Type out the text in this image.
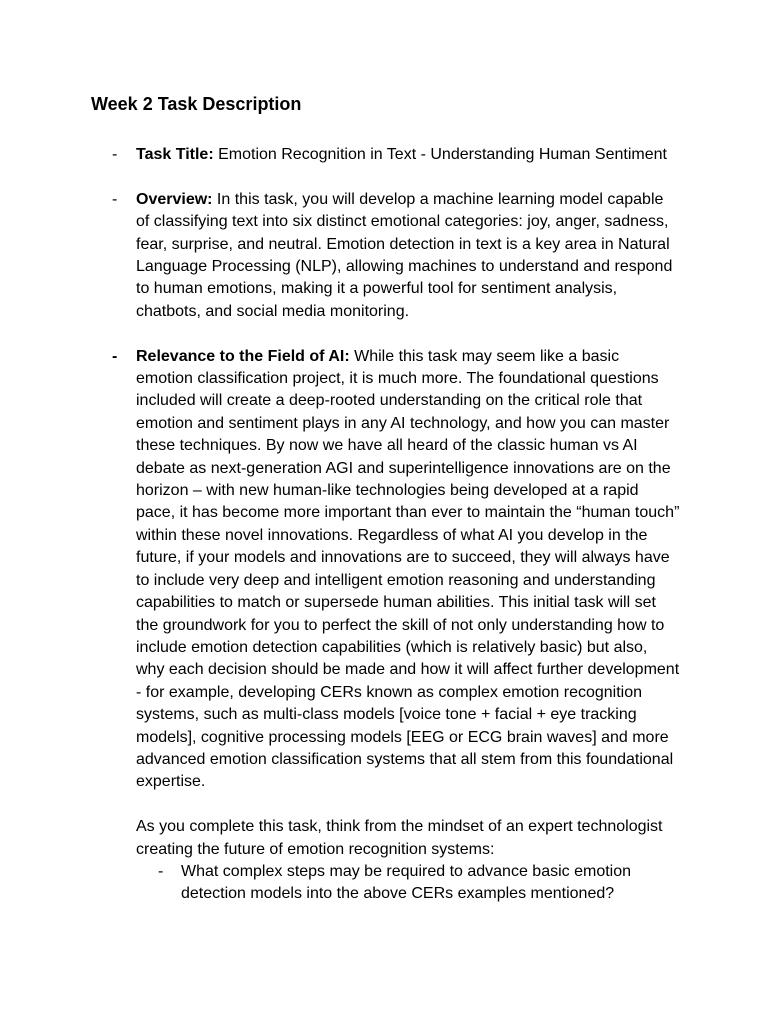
Week 2 Task Description
- Task Title: Emotion Recognition in Text - Understanding Human Sentiment

- Overview: In this task, you will develop a machine learning model capable of classifying text into six distinct emotional categories: joy, anger, sadness, fear, surprise, and neutral. Emotion detection in text is a key area in Natural Language Processing (NLP), allowing machines to understand and respond to human emotions, making it a powerful tool for sentiment analysis, chatbots, and social media monitoring.

- Relevance to the Field of AI: While this task may seem like a basic emotion classification project, it is much more. The foundational questions included will create a deep-rooted understanding on the critical role that emotion and sentiment plays in any AI technology, and how you can master these techniques. By now we have all heard of the classic human vs AI debate as next-generation AGI and superintelligence innovations are on the horizon – with new human-like technologies being developed at a rapid pace, it has become more important than ever to maintain the “human touch” within these novel innovations. Regardless of what AI you develop in the future, if your models and innovations are to succeed, they will always have to include very deep and intelligent emotion reasoning and understanding capabilities to match or supersede human abilities. This initial task will set the groundwork for you to perfect the skill of not only understanding how to include emotion detection capabilities (which is relatively basic) but also, why each decision should be made and how it will affect further development - for example, developing CERs known as complex emotion recognition systems, such as multi-class models [voice tone + facial + eye tracking models], cognitive processing models [EEG or ECG brain waves] and more advanced emotion classification systems that all stem from this foundational expertise.

As you complete this task, think from the mindset of an expert technologist creating the future of emotion recognition systems:

- What complex steps may be required to advance basic emotion detection models into the above CERs examples mentioned?
